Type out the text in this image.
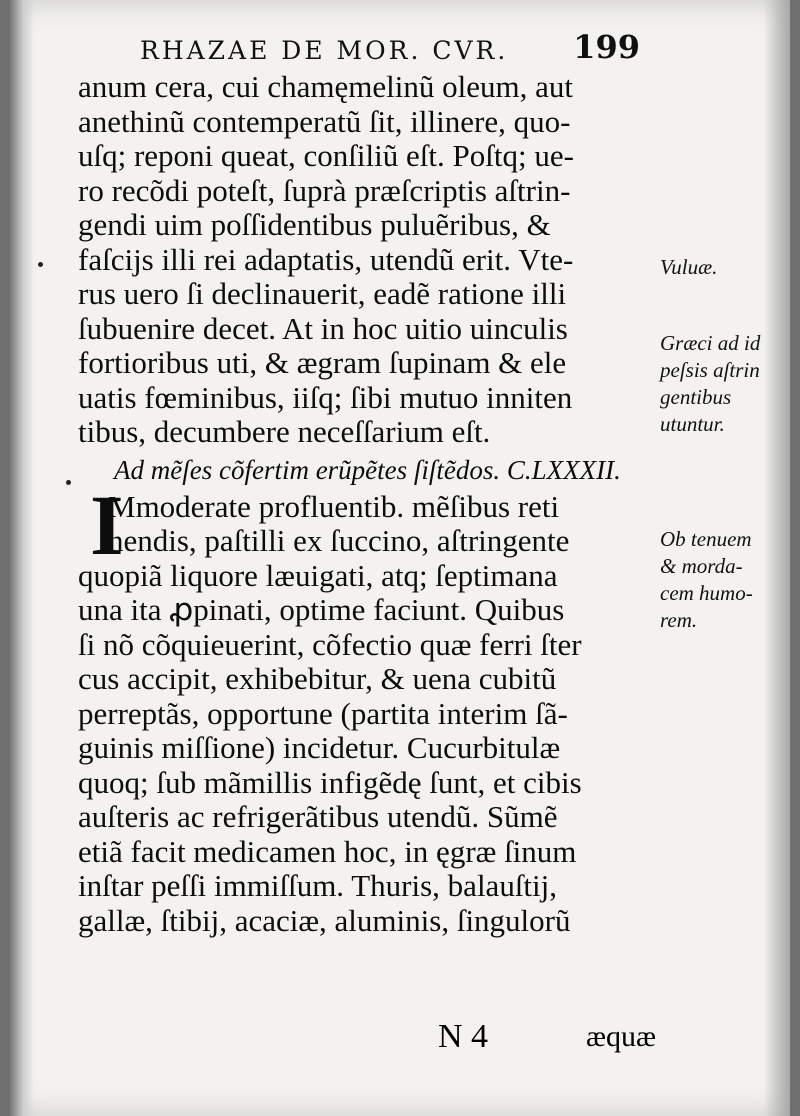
RHAZAE DE MOR. CVR. 199
anum cera, cui chamęmelinũ oleum, aut
anethinũ contemperatũ ſit, illinere, quo-
uſq; reponi queat, conſiliũ eſt. Poſtq; ue-
ro recõdi poteſt, ſuprà præſcriptis aſtrin-
gendi uim poſſidentibus puluẽribus, &
faſcijs illi rei adaptatis, utendũ erit. Vte-
rus uero ſi declinauerit, eadẽ ratione illi
ſubuenire decet. At in hoc uitio uinculis
fortioribus uti, & ægram ſupinam & ele
uatis fœminibus, iiſq; ſibi mutuo inniten
tibus, decumbere neceſſarium eſt.
Ad mẽſes cõfertim erũpẽtes ſiſtẽdos. C.LXXXII.
I
Mmoderate profluentib. mẽſibus reti
nendis, paſtilli ex ſuccino, aſtringente
quopiã liquore læuigati, atq; ſeptimana
una ita ꝓpinati, optime faciunt. Quibus
ſi nõ cõquieuerint, cõfectio quæ ferri ſter
cus accipit, exhibebitur, & uena cubitũ
perreptãs, opportune (partita interim ſã-
guinis miſſione) incidetur. Cucurbitulæ
quoq; ſub mãmillis infigẽdę ſunt, et cibis
auſteris ac refrigerãtibus utendũ. Sũmẽ
etiã facit medicamen hoc, in ęgræ ſinum
inſtar peſſi immiſſum. Thuris, balauſtij,
gallæ, ſtibij, acaciæ, aluminis, ſingulorũ
Vuluæ.
Græci ad id
peſsis aſtrin
gentibus
utuntur.
Ob tenuem
& morda-
cem humo-
rem.
N 4	æquæ
